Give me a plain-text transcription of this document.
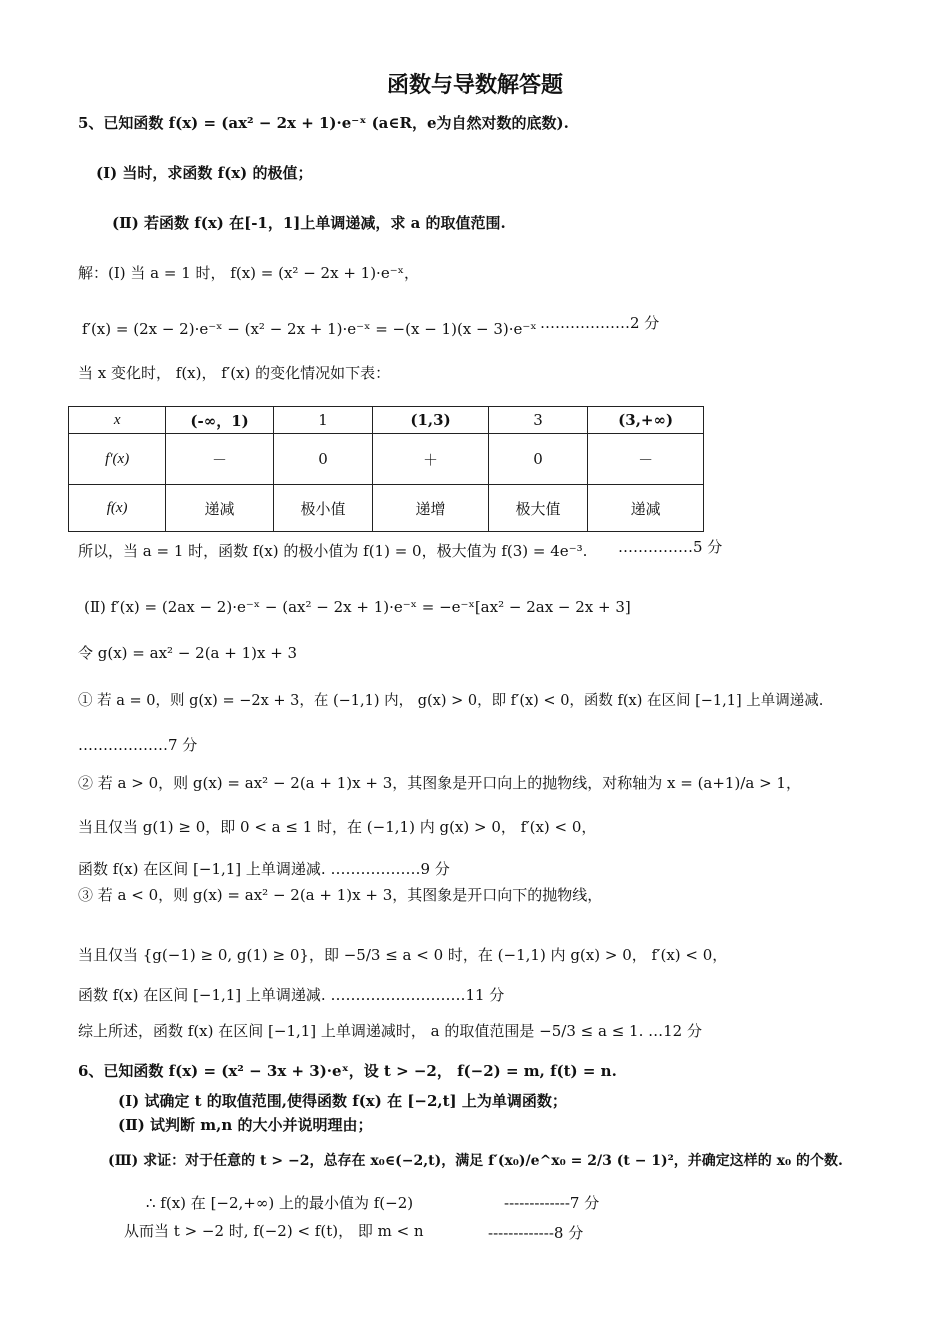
函数与导数解答题
5、已知函数 f(x) = (ax² − 2x + 1)·e⁻ˣ (a∈R，e为自然对数的底数).
(I) 当时，求函数 f(x) 的极值；
(Ⅱ) 若函数 f(x) 在[-1，1]上单调递减，求 a 的取值范围.
解：(I) 当 a = 1 时， f(x) = (x² − 2x + 1)·e⁻ˣ，
f′(x) = (2x − 2)·e⁻ˣ − (x² − 2x + 1)·e⁻ˣ = −(x − 1)(x − 3)·e⁻ˣ ………………2 分
当 x 变化时， f(x)， f′(x) 的变化情况如下表：
x	(-∞，1)	1	(1,3)	3	(3,+∞)
f′(x)	－	0	＋	0	－
f(x)	递减	极小值	递增	极大值	递减
所以，当 a = 1 时，函数 f(x) 的极小值为 f(1) = 0，极大值为 f(3) = 4e⁻³. ……………5 分
(Ⅱ) f′(x) = (2ax − 2)·e⁻ˣ − (ax² − 2x + 1)·e⁻ˣ = −e⁻ˣ[ax² − 2ax − 2x + 3]
令 g(x) = ax² − 2(a + 1)x + 3
① 若 a = 0，则 g(x) = −2x + 3，在 (−1,1) 内， g(x) > 0，即 f′(x) < 0，函数 f(x) 在区间 [−1,1] 上单调递减.
………………7 分
② 若 a > 0，则 g(x) = ax² − 2(a + 1)x + 3，其图象是开口向上的抛物线，对称轴为 x = (a+1)/a > 1，
当且仅当 g(1) ≥ 0，即 0 < a ≤ 1 时，在 (−1,1) 内 g(x) > 0， f′(x) < 0，
函数 f(x) 在区间 [−1,1] 上单调递减. ………………9 分
③ 若 a < 0，则 g(x) = ax² − 2(a + 1)x + 3，其图象是开口向下的抛物线，
当且仅当 {g(−1) ≥ 0, g(1) ≥ 0}，即 −5/3 ≤ a < 0 时，在 (−1,1) 内 g(x) > 0， f′(x) < 0，
函数 f(x) 在区间 [−1,1] 上单调递减. ………………………11 分
综上所述，函数 f(x) 在区间 [−1,1] 上单调递减时， a 的取值范围是 −5/3 ≤ a ≤ 1. …12 分
6、已知函数 f(x) = (x² − 3x + 3)·eˣ，设 t > −2， f(−2) = m, f(t) = n.
(Ⅰ) 试确定 t 的取值范围,使得函数 f(x) 在 [−2,t] 上为单调函数；
(Ⅱ) 试判断 m,n 的大小并说明理由；
(Ⅲ) 求证：对于任意的 t > −2，总存在 x₀∈(−2,t)，满足 f′(x₀)/e^x₀ = 2/3 (t − 1)²，并确定这样的 x₀ 的个数.
∴ f(x) 在 [−2,+∞) 上的最小值为 f(−2)	-------------7 分
从而当 t > −2 时, f(−2) < f(t)， 即 m < n	-------------8 分
